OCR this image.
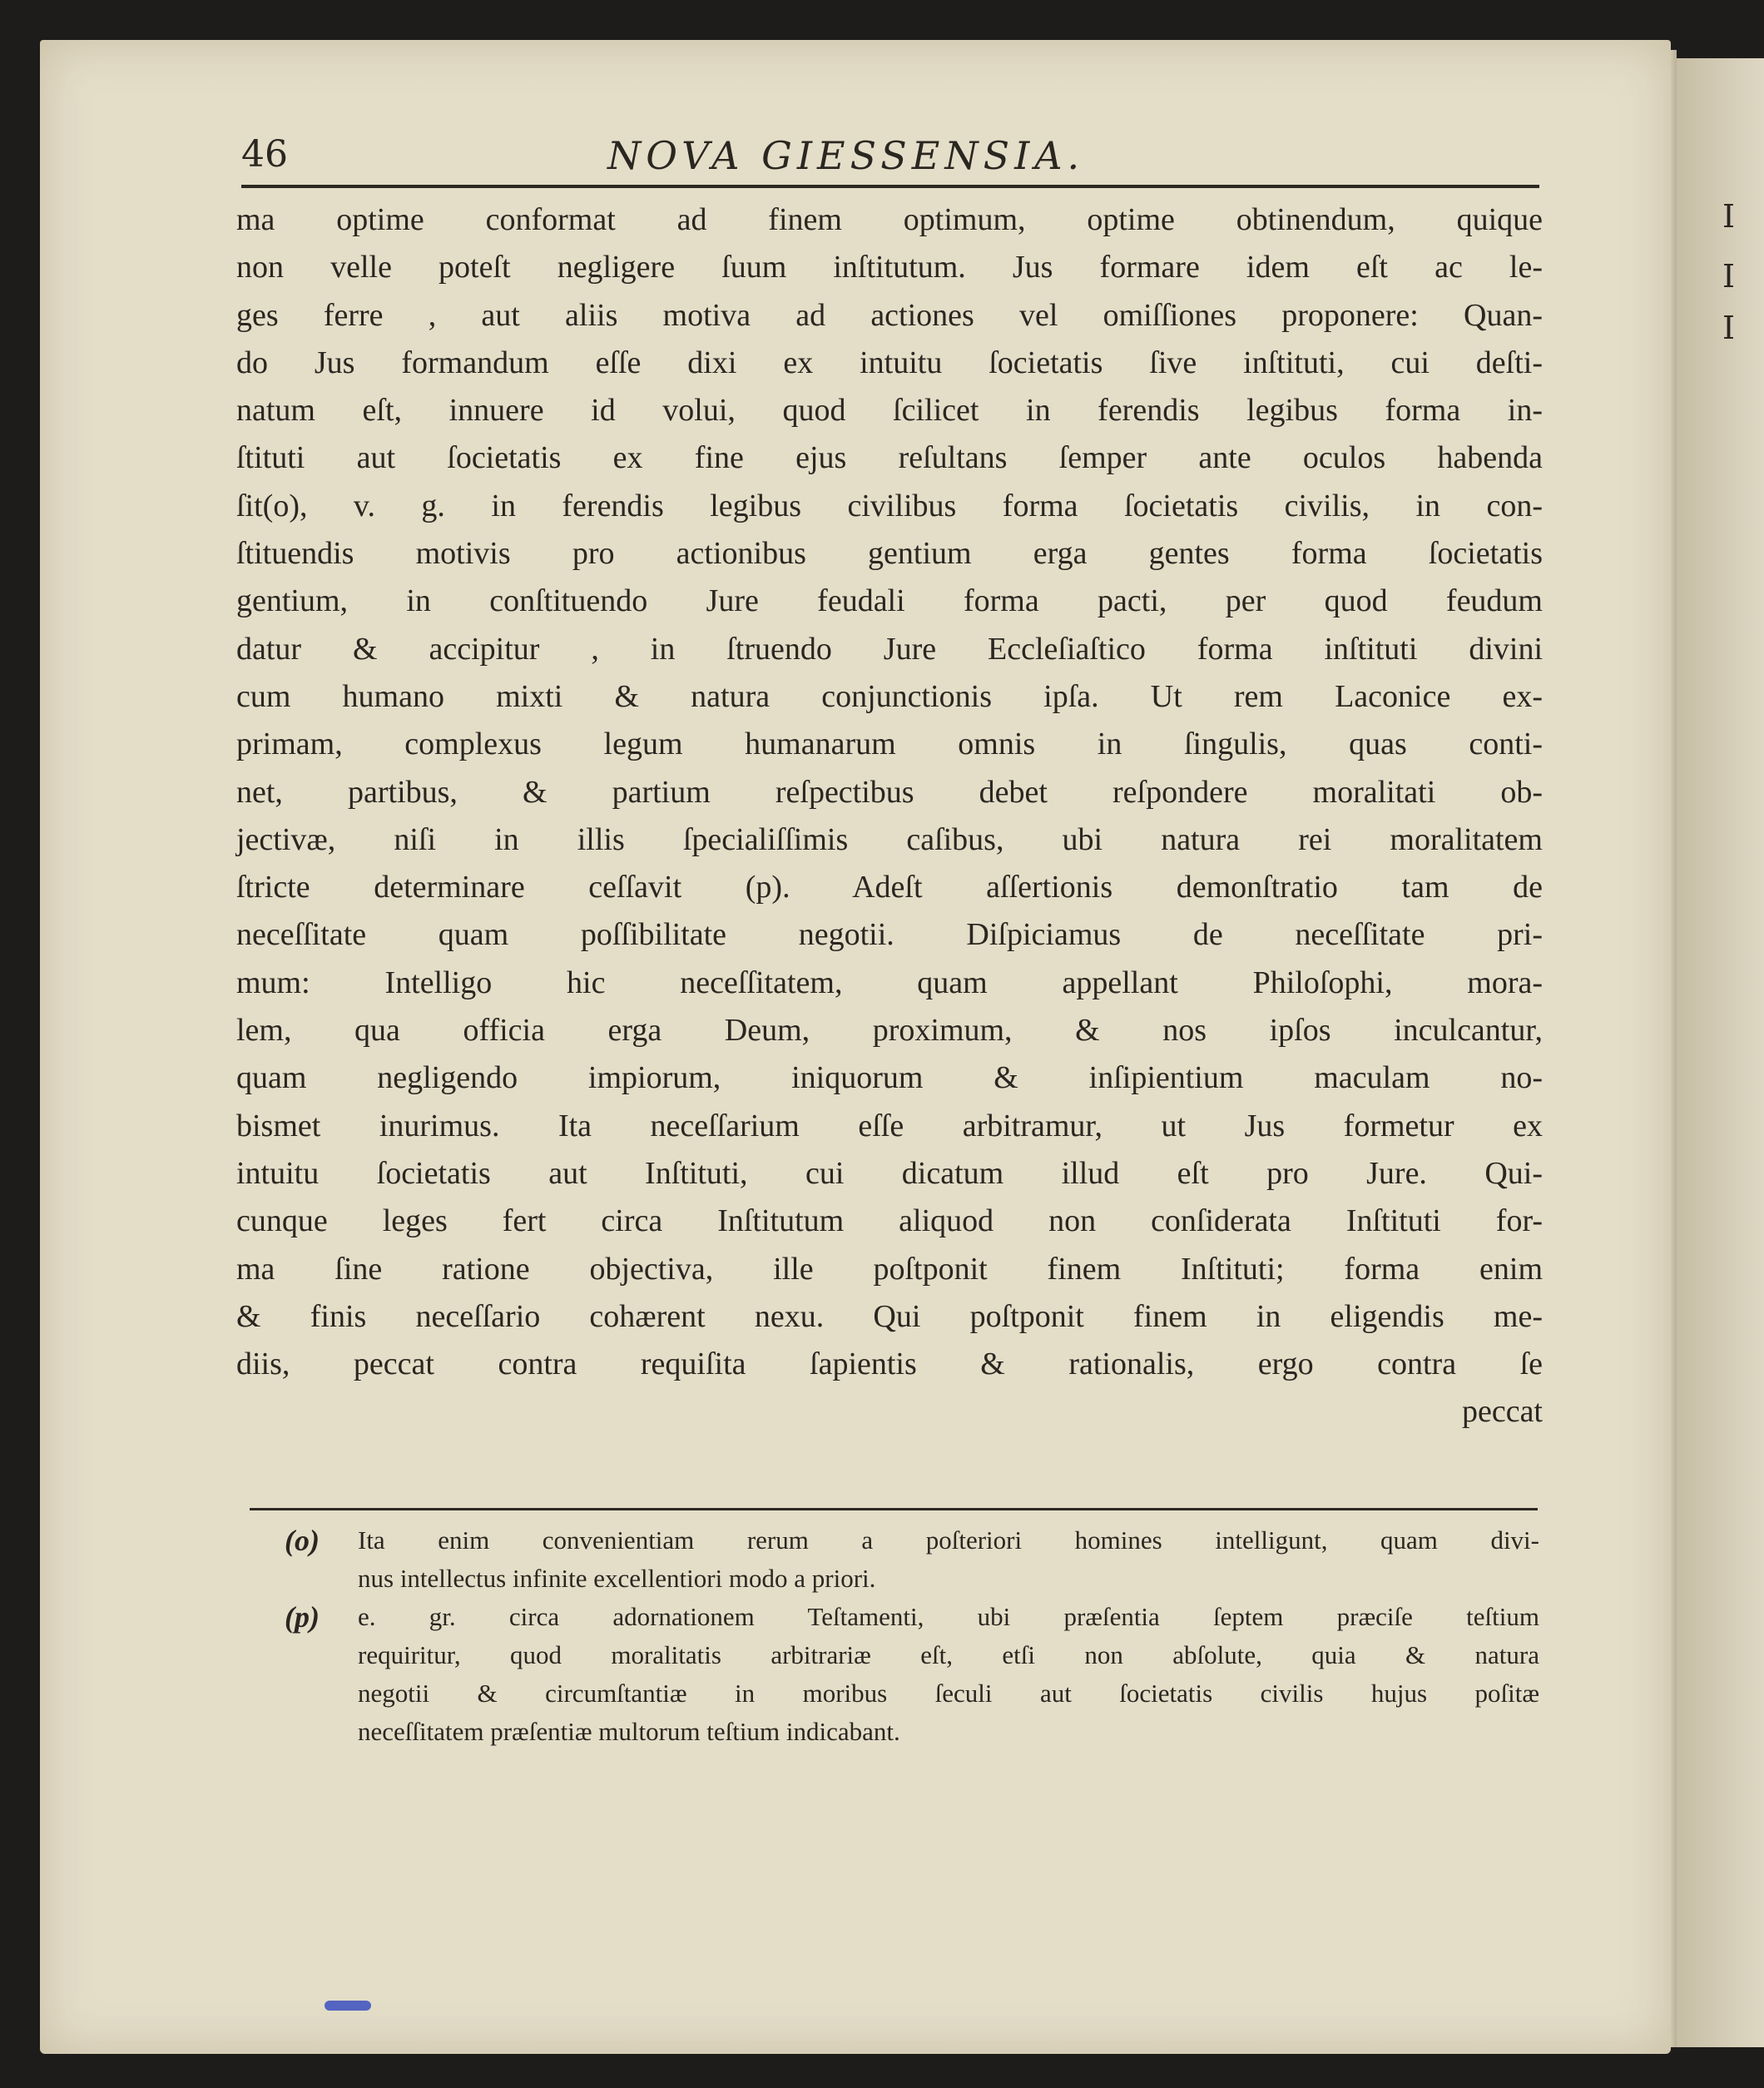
I
I
I
46	NOVA GIESSENSIA.
ma optime conformat ad finem optimum, optime obtinendum, quique
non velle poteſt negligere ſuum inſtitutum. Jus formare idem eſt ac le-
ges ferre , aut aliis motiva ad actiones vel omiſſiones proponere: Quan-
do Jus formandum eſſe dixi ex intuitu ſocietatis ſive inſtituti, cui deſti-
natum eſt, innuere id volui, quod ſcilicet in ferendis legibus forma in-
ſtituti aut ſocietatis ex fine ejus reſultans ſemper ante oculos habenda
ſit(o), v. g. in ferendis legibus civilibus forma ſocietatis civilis, in con-
ſtituendis motivis pro actionibus gentium erga gentes forma ſocietatis
gentium, in conſtituendo Jure feudali forma pacti, per quod feudum
datur & accipitur , in ſtruendo Jure Eccleſiaſtico forma inſtituti divini
cum humano mixti & natura conjunctionis ipſa. Ut rem Laconice ex-
primam, complexus legum humanarum omnis in ſingulis, quas conti-
net, partibus, & partium reſpectibus debet reſpondere moralitati ob-
jectivæ, niſi in illis ſpecialiſſimis caſibus, ubi natura rei moralitatem
ſtricte determinare ceſſavit (p). Adeſt aſſertionis demonſtratio tam de
neceſſitate quam poſſibilitate negotii. Diſpiciamus de neceſſitate pri-
mum: Intelligo hic neceſſitatem, quam appellant Philoſophi, mora-
lem, qua officia erga Deum, proximum, & nos ipſos inculcantur,
quam negligendo impiorum, iniquorum & inſipientium maculam no-
bismet inurimus. Ita neceſſarium eſſe arbitramur, ut Jus formetur ex
intuitu ſocietatis aut Inſtituti, cui dicatum illud eſt pro Jure. Qui-
cunque leges fert circa Inſtitutum aliquod non conſiderata Inſtituti for-
ma ſine ratione objectiva, ille poſtponit finem Inſtituti; forma enim
& finis neceſſario cohærent nexu. Qui poſtponit finem in eligendis me-
diis, peccat contra requiſita ſapientis & rationalis, ergo contra ſe
peccat
(o) Ita enim convenientiam rerum a poſteriori homines intelligunt, quam divi-
nus intellectus infinite excellentiori modo a priori.
(p) e. gr. circa adornationem Teſtamenti, ubi præſentia ſeptem præciſe teſtium
requiritur, quod moralitatis arbitrariæ eſt, etſi non abſolute, quia & natura
negotii & circumſtantiæ in moribus ſeculi aut ſocietatis civilis hujus poſitæ
neceſſitatem præſentiæ multorum teſtium indicabant.
